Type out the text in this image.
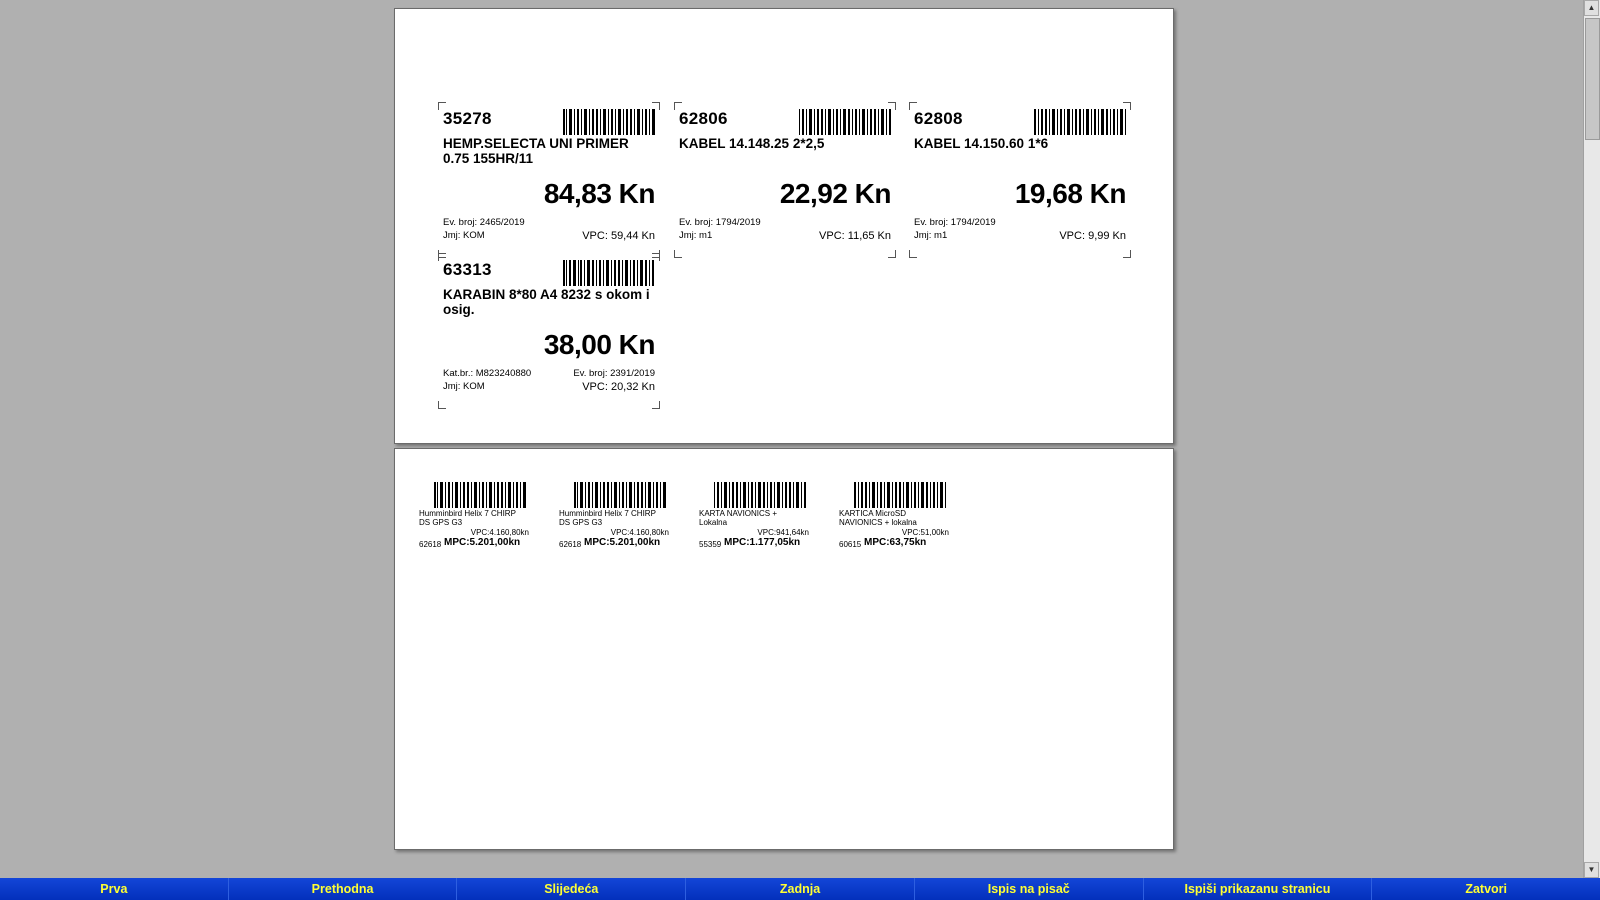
35278
HEMP.SELECTA UNI PRIMER 0.75 155HR/11
84,83 Kn
Ev. broj: 2465/2019
Jmj: KOM	VPC: 59,44 Kn
62806
KABEL 14.148.25 2*2,5
22,92 Kn
Ev. broj: 1794/2019
Jmj: m1	VPC: 11,65 Kn
62808
KABEL 14.150.60 1*6
19,68 Kn
Ev. broj: 1794/2019
Jmj: m1	VPC: 9,99 Kn
63313
KARABIN 8*80 A4 8232 s okom i osig.
38,00 Kn
Kat.br.: M823240880
Jmj: KOM
Ev. broj: 2391/2019
VPC: 20,32 Kn
Humminbird Helix 7 CHIRP DS GPS G3
VPC:4.160,80kn
62618 MPC:5.201,00kn
Humminbird Helix 7 CHIRP DS GPS G3
VPC:4.160,80kn
62618 MPC:5.201,00kn
KARTA NAVIONICS + Lokalna
VPC:941,64kn
55359 MPC:1.177,05kn
KARTICA MicroSD NAVIONICS + lokalna
VPC:51,00kn
60615 MPC:63,75kn
▲
▼
Prva	Prethodna	Slijedeća	Zadnja	Ispis na pisač	Ispiši prikazanu stranicu	Zatvori
